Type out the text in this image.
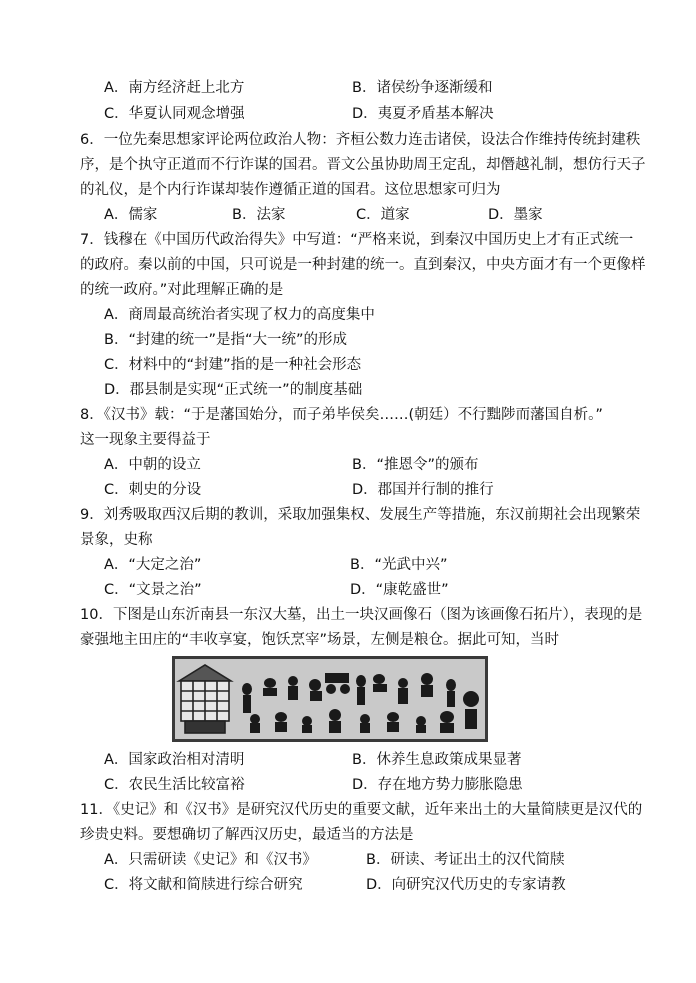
A．南方经济赶上北方	B．诸侯纷争逐渐缓和
C．华夏认同观念增强	D．夷夏矛盾基本解决
6．一位先秦思想家评论两位政治人物：齐桓公数力连击诸侯，设法合作维持传统封建秩
序，是个执守正道而不行诈谋的国君。晋文公虽协助周王定乱，却僭越礼制，想仿行天子
的礼仪，是个内行诈谋却装作遵循正道的国君。这位思想家可归为
A．儒家	B．法家	C．道家	D．墨家
7．钱穆在《中国历代政治得失》中写道：“严格来说，到秦汉中国历史上才有正式统一
的政府。秦以前的中国，只可说是一种封建的统一。直到秦汉，中央方面才有一个更像样
的统一政府。”对此理解正确的是
A．商周最高统治者实现了权力的高度集中
B．“封建的统一”是指“大一统”的形成
C．材料中的“封建”指的是一种社会形态
D．郡县制是实现“正式统一”的制度基础
8．《汉书》载：“于是藩国始分，而子弟毕侯矣……(朝廷）不行黜陟而藩国自析。”
这一现象主要得益于
A．中朝的设立	B．“推恩令”的颁布
C．刺史的分设	D．郡国并行制的推行
9．刘秀吸取西汉后期的教训，采取加强集权、发展生产等措施，东汉前期社会出现繁荣
景象，史称
A．“大定之治”	B．“光武中兴”
C．“文景之治”	D．“康乾盛世”
10．下图是山东沂南县一东汉大墓，出土一块汉画像石（图为该画像石拓片），表现的是
豪强地主田庄的“丰收享宴，饱饫烹宰”场景，左侧是粮仓。据此可知，当时
A．国家政治相对清明	B．休养生息政策成果显著
C．农民生活比较富裕	D．存在地方势力膨胀隐患
11．《史记》和《汉书》是研究汉代历史的重要文献，近年来出土的大量简牍更是汉代的
珍贵史料。要想确切了解西汉历史，最适当的方法是
A．只需研读《史记》和《汉书》	B．研读、考证出土的汉代简牍
C．将文献和简牍进行综合研究	D．向研究汉代历史的专家请教
